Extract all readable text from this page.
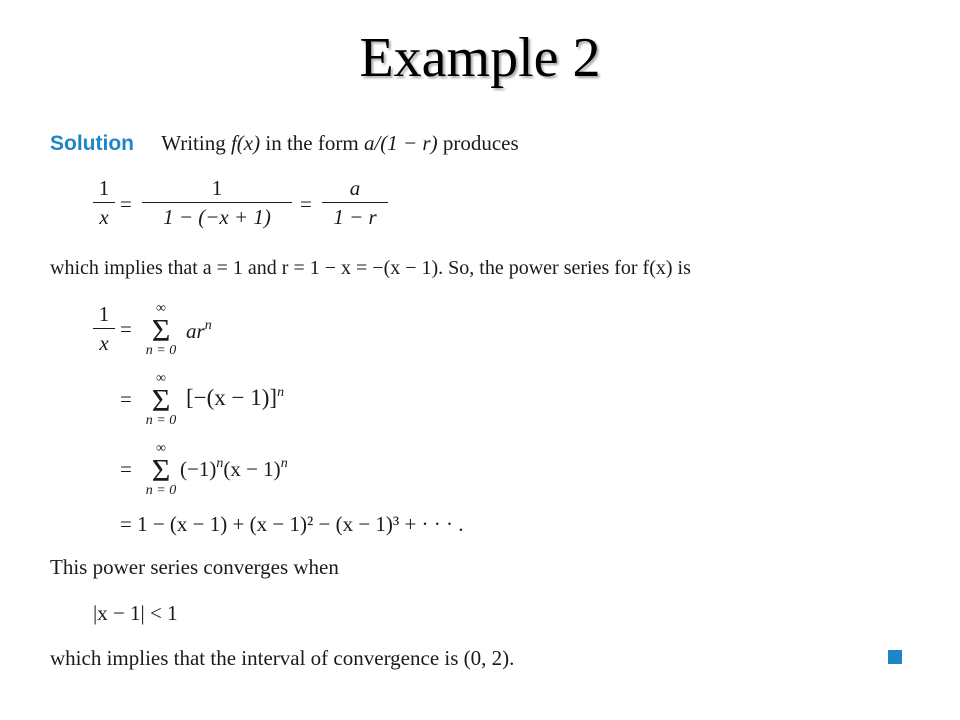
Example 2
Solution Writing f(x) in the form a/(1 − r) produces
1
x
=
1
1 − (−x + 1)
=
a
1 − r
which implies that a = 1 and r = 1 − x = −(x − 1). So, the power series for f(x) is
1
x
=
∞
Σ
n = 0
$ar^n$
=
∞
Σ
n = 0
$[-(x - 1)]^n$
=
∞
Σ
n = 0
$(-1)^n(x - 1)^n$
= 1 − (x − 1) + (x − 1)² − (x − 1)³ + · · · .
This power series converges when
|x − 1| < 1
which implies that the interval of convergence is (0, 2).
